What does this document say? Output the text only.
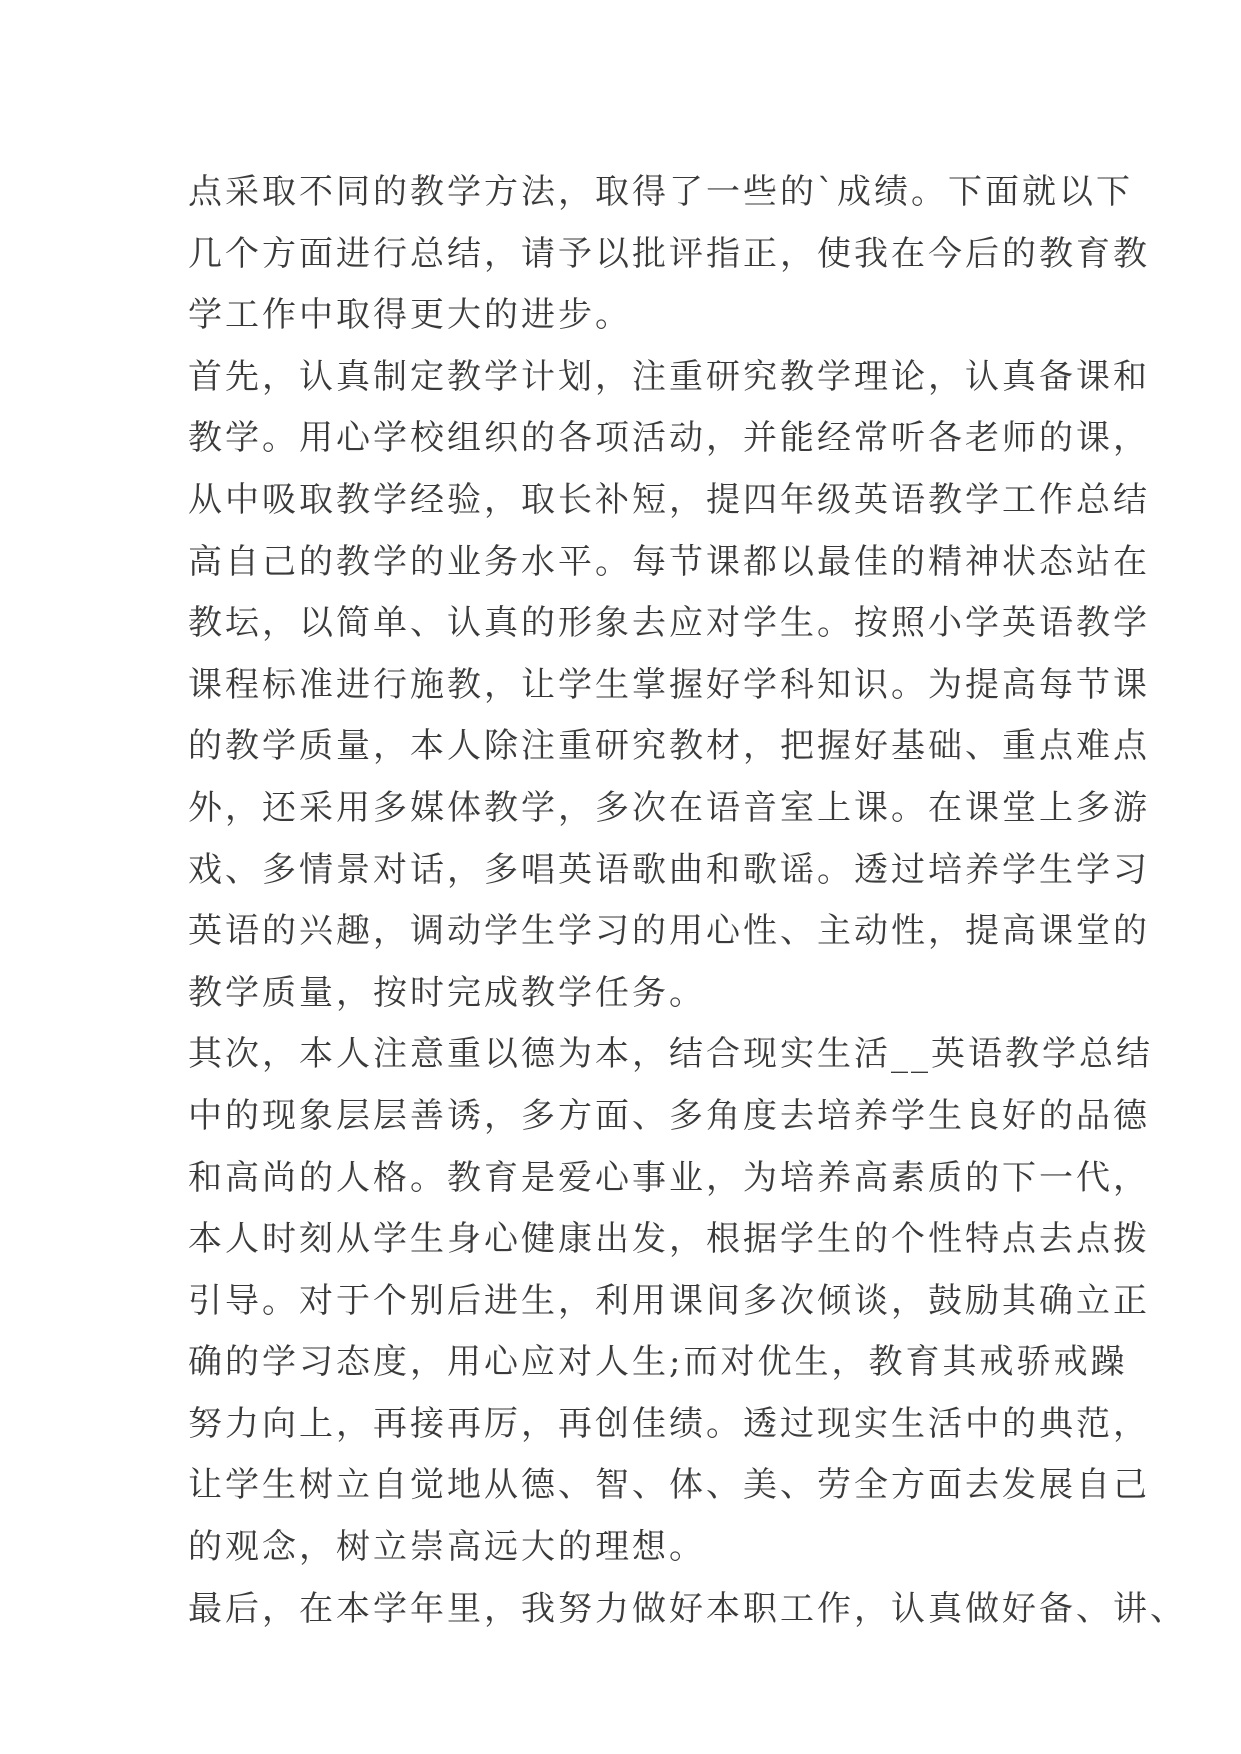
点采取不同的教学方法，取得了一些的`成绩。下面就以下
几个方面进行总结，请予以批评指正，使我在今后的教育教
学工作中取得更大的进步。
首先，认真制定教学计划，注重研究教学理论，认真备课和
教学。用心学校组织的各项活动，并能经常听各老师的课，
从中吸取教学经验，取长补短，提四年级英语教学工作总结
高自己的教学的业务水平。每节课都以最佳的精神状态站在
教坛，以简单、认真的形象去应对学生。按照小学英语教学
课程标准进行施教，让学生掌握好学科知识。为提高每节课
的教学质量，本人除注重研究教材，把握好基础、重点难点
外，还采用多媒体教学，多次在语音室上课。在课堂上多游
戏、多情景对话，多唱英语歌曲和歌谣。透过培养学生学习
英语的兴趣，调动学生学习的用心性、主动性，提高课堂的
教学质量，按时完成教学任务。
其次，本人注意重以德为本，结合现实生活__英语教学总结
中的现象层层善诱，多方面、多角度去培养学生良好的品德
和高尚的人格。教育是爱心事业，为培养高素质的下一代，
本人时刻从学生身心健康出发，根据学生的个性特点去点拨
引导。对于个别后进生，利用课间多次倾谈，鼓励其确立正
确的学习态度，用心应对人生;而对优生，教育其戒骄戒躁
努力向上，再接再厉，再创佳绩。透过现实生活中的典范，
让学生树立自觉地从德、智、体、美、劳全方面去发展自己
的观念，树立崇高远大的理想。
最后，在本学年里，我努力做好本职工作，认真做好备、讲、
